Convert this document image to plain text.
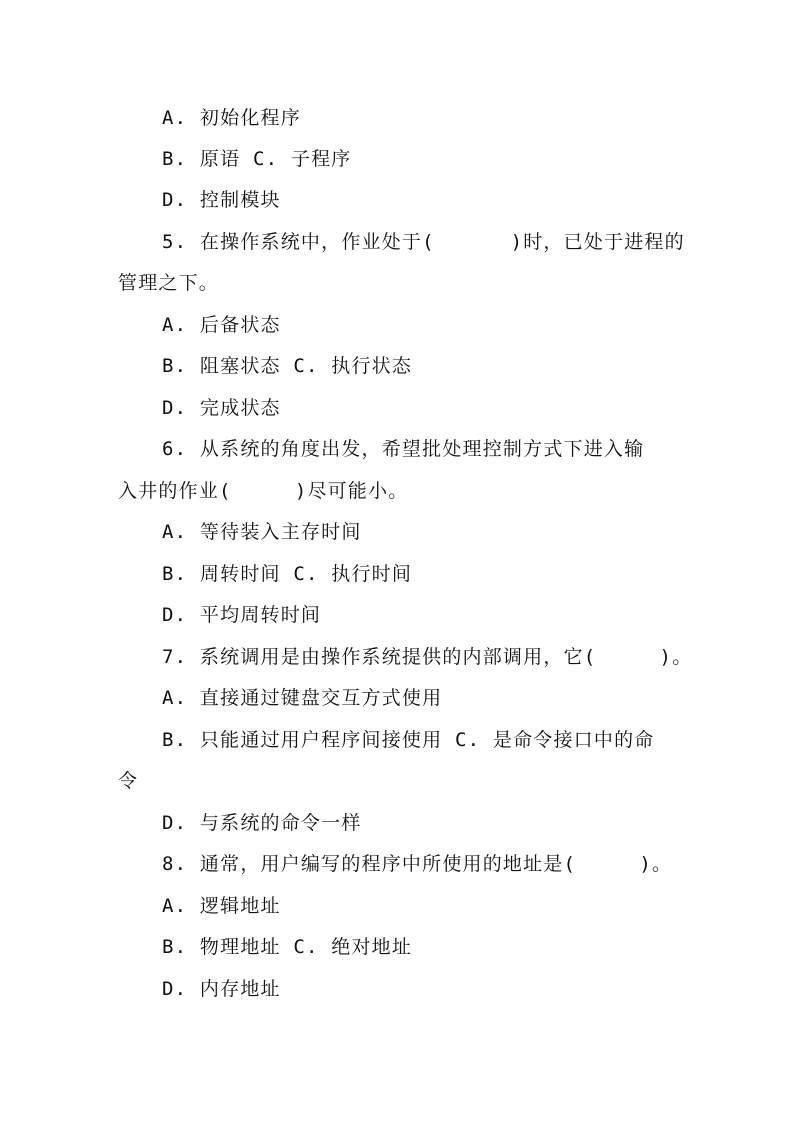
A. 初始化程序
B. 原语 C. 子程序
D. 控制模块
5. 在操作系统中，作业处于(      )时，已处于进程的
管理之下。
A. 后备状态
B. 阻塞状态 C. 执行状态
D. 完成状态
6. 从系统的角度出发，希望批处理控制方式下进入输
入井的作业(     )尽可能小。
A. 等待装入主存时间
B. 周转时间 C. 执行时间
D. 平均周转时间
7. 系统调用是由操作系统提供的内部调用，它(     )。
A. 直接通过键盘交互方式使用
B. 只能通过用户程序间接使用 C. 是命令接口中的命
令
D. 与系统的命令一样
8. 通常，用户编写的程序中所使用的地址是(     )。
A. 逻辑地址
B. 物理地址 C. 绝对地址
D. 内存地址
